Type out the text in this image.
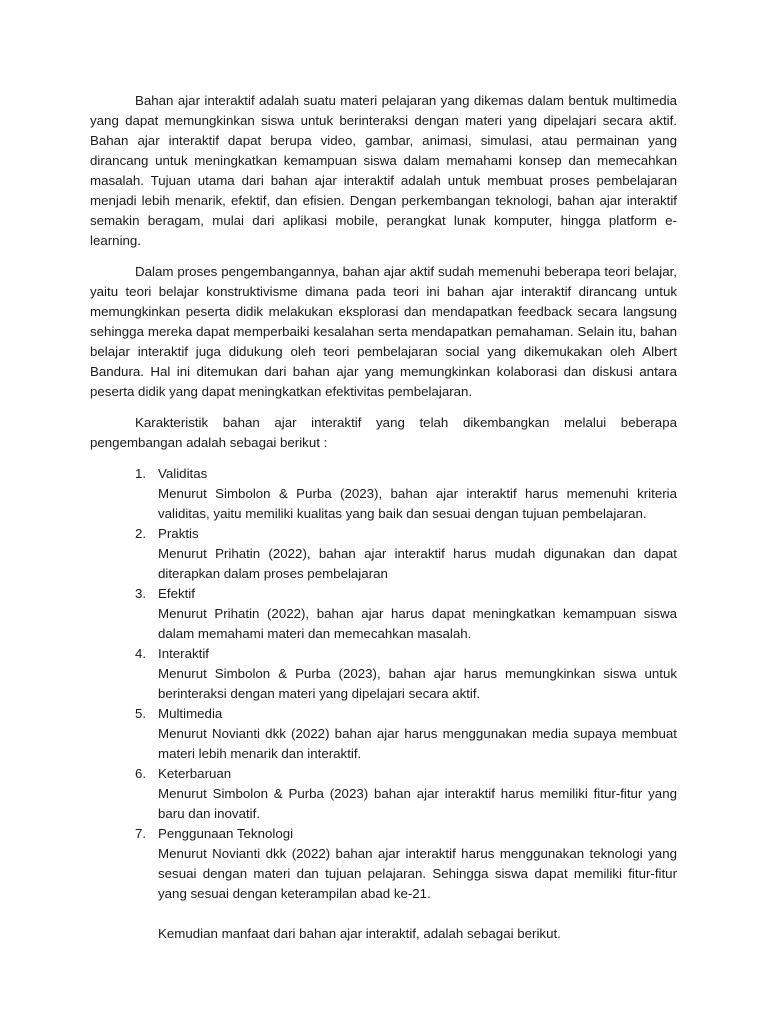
Bahan ajar interaktif adalah suatu materi pelajaran yang dikemas dalam bentuk multimedia yang dapat memungkinkan siswa untuk berinteraksi dengan materi yang dipelajari secara aktif. Bahan ajar interaktif dapat berupa video, gambar, animasi, simulasi, atau permainan yang dirancang untuk meningkatkan kemampuan siswa dalam memahami konsep dan memecahkan masalah. Tujuan utama dari bahan ajar interaktif adalah untuk membuat proses pembelajaran menjadi lebih menarik, efektif, dan efisien. Dengan perkembangan teknologi, bahan ajar interaktif semakin beragam, mulai dari aplikasi mobile, perangkat lunak komputer, hingga platform e-learning.

Dalam proses pengembangannya, bahan ajar aktif sudah memenuhi beberapa teori belajar, yaitu teori belajar konstruktivisme dimana pada teori ini bahan ajar interaktif dirancang untuk memungkinkan peserta didik melakukan eksplorasi dan mendapatkan feedback secara langsung sehingga mereka dapat memperbaiki kesalahan serta mendapatkan pemahaman. Selain itu, bahan belajar interaktif juga didukung oleh teori pembelajaran social yang dikemukakan oleh Albert Bandura. Hal ini ditemukan dari bahan ajar yang memungkinkan kolaborasi dan diskusi antara peserta didik yang dapat meningkatkan efektivitas pembelajaran.

Karakteristik bahan ajar interaktif yang telah dikembangkan melalui beberapa pengembangan adalah sebagai berikut :

1. Validitas
Menurut Simbolon & Purba (2023), bahan ajar interaktif harus memenuhi kriteria validitas, yaitu memiliki kualitas yang baik dan sesuai dengan tujuan pembelajaran.
2. Praktis
Menurut Prihatin (2022), bahan ajar interaktif harus mudah digunakan dan dapat diterapkan dalam proses pembelajaran
3. Efektif
Menurut Prihatin (2022), bahan ajar harus dapat meningkatkan kemampuan siswa dalam memahami materi dan memecahkan masalah.
4. Interaktif
Menurut Simbolon & Purba (2023), bahan ajar harus memungkinkan siswa untuk berinteraksi dengan materi yang dipelajari secara aktif.
5. Multimedia
Menurut Novianti dkk (2022) bahan ajar harus menggunakan media supaya membuat materi lebih menarik dan interaktif.
6. Keterbaruan
Menurut Simbolon & Purba (2023) bahan ajar interaktif harus memiliki fitur-fitur yang baru dan inovatif.
7. Penggunaan Teknologi
Menurut Novianti dkk (2022) bahan ajar interaktif harus menggunakan teknologi yang sesuai dengan materi dan tujuan pelajaran. Sehingga siswa dapat memiliki fitur-fitur yang sesuai dengan keterampilan abad ke-21.

Kemudian manfaat dari bahan ajar interaktif, adalah sebagai berikut.
